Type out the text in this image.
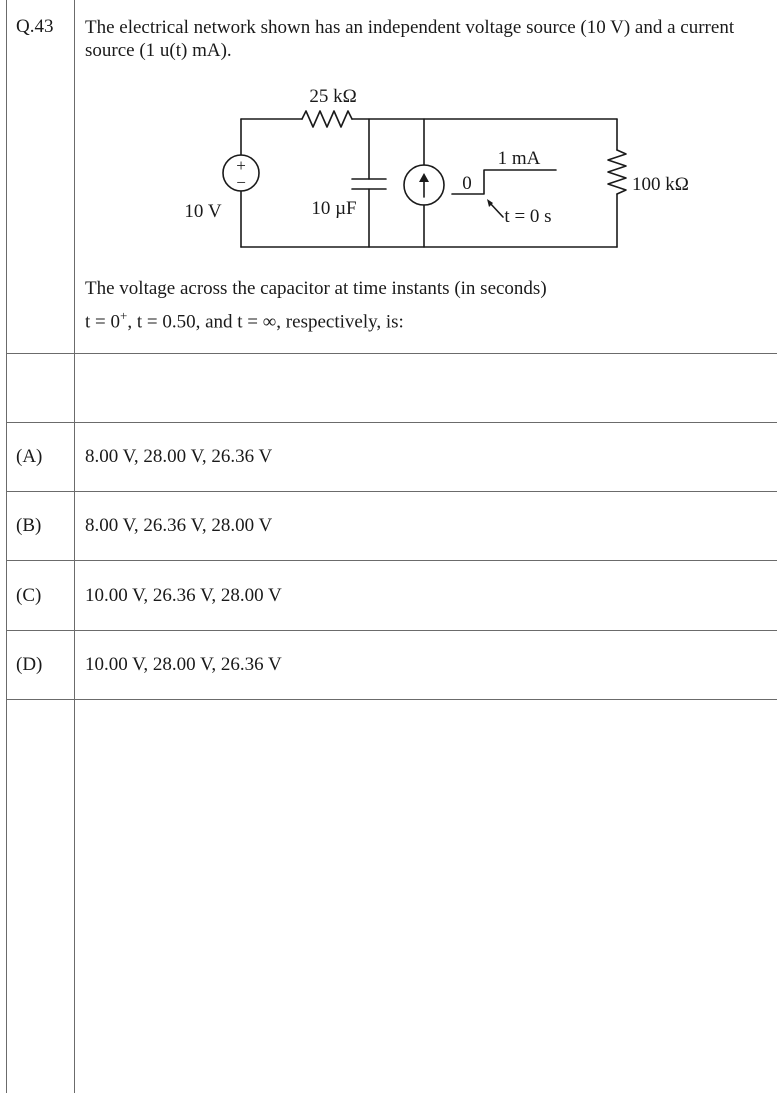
Q.43 The electrical network shown has an independent voltage source (10 V) and a current source (1 u(t) mA).
25 kΩ
+
−
10 V	10 µF
1 mA
0
t = 0 s
100 kΩ
The voltage across the capacitor at time instants (in seconds)
t = 0+, t = 0.50, and t = ∞, respectively, is:
(A) 8.00 V, 28.00 V, 26.36 V
(B) 8.00 V, 26.36 V, 28.00 V
(C) 10.00 V, 26.36 V, 28.00 V
(D) 10.00 V, 28.00 V, 26.36 V
